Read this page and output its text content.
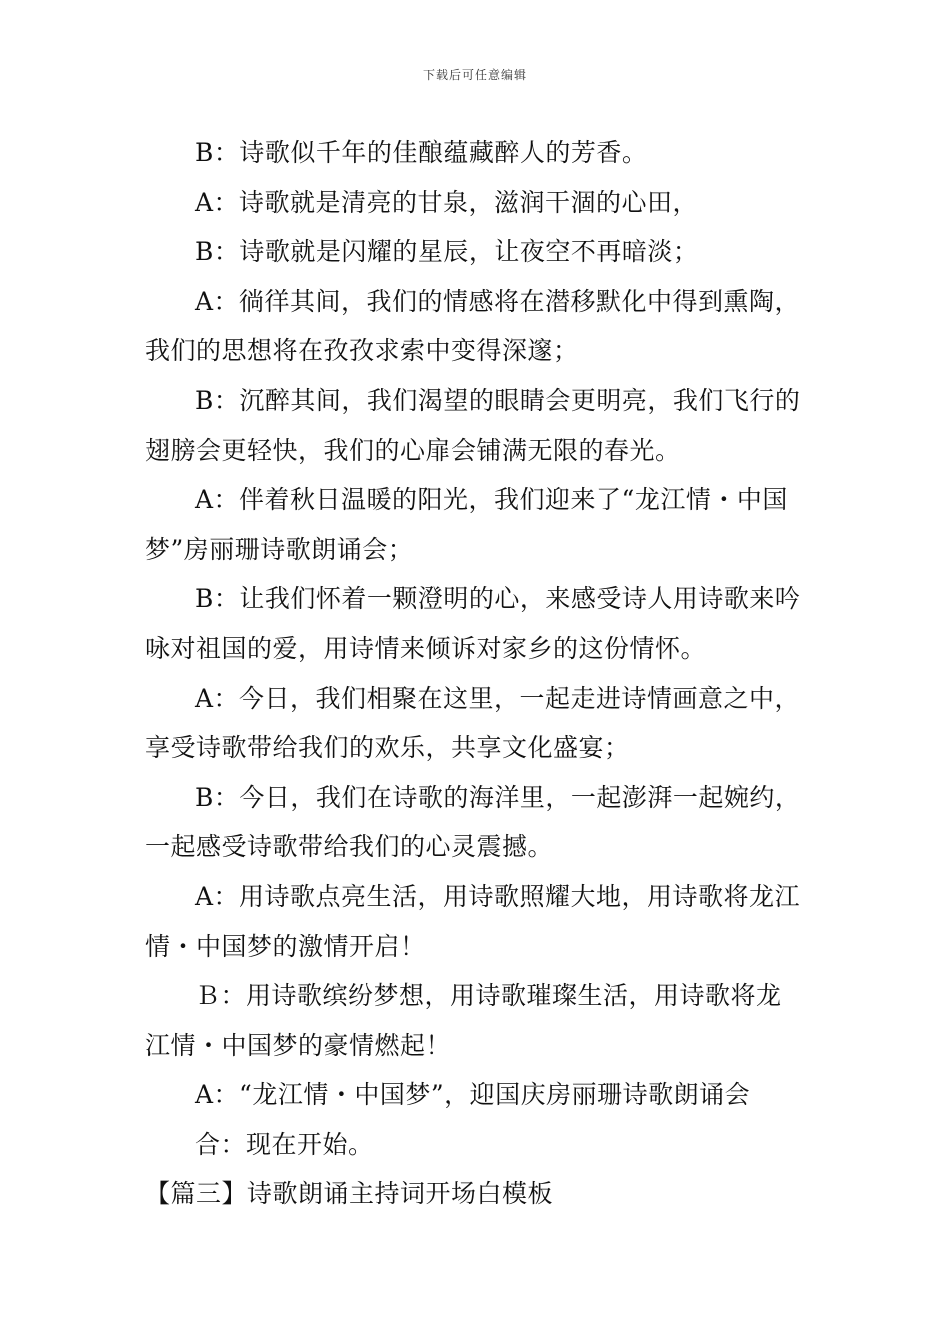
下载后可任意编辑

B：诗歌似千年的佳酿蕴藏醉人的芳香。

A：诗歌就是清亮的甘泉，滋润干涸的心田，

B：诗歌就是闪耀的星辰，让夜空不再暗淡；

A：徜徉其间，我们的情感将在潜移默化中得到熏陶，
我们的思想将在孜孜求索中变得深邃；

B：沉醉其间，我们渴望的眼睛会更明亮，我们飞行的
翅膀会更轻快，我们的心扉会铺满无限的春光。

A：伴着秋日温暖的阳光，我们迎来了“龙江情・中国
梦”房丽珊诗歌朗诵会；

B：让我们怀着一颗澄明的心，来感受诗人用诗歌来吟
咏对祖国的爱，用诗情来倾诉对家乡的这份情怀。

A：今日，我们相聚在这里，一起走进诗情画意之中，
享受诗歌带给我们的欢乐，共享文化盛宴；

B：今日，我们在诗歌的海洋里，一起澎湃一起婉约，
一起感受诗歌带给我们的心灵震撼。

A：用诗歌点亮生活，用诗歌照耀大地，用诗歌将龙江
情・中国梦的激情开启！

Ｂ：用诗歌缤纷梦想，用诗歌璀璨生活，用诗歌将龙
江情・中国梦的豪情燃起！

A：“龙江情・中国梦”，迎国庆房丽珊诗歌朗诵会

合：现在开始。

【篇三】诗歌朗诵主持词开场白模板
